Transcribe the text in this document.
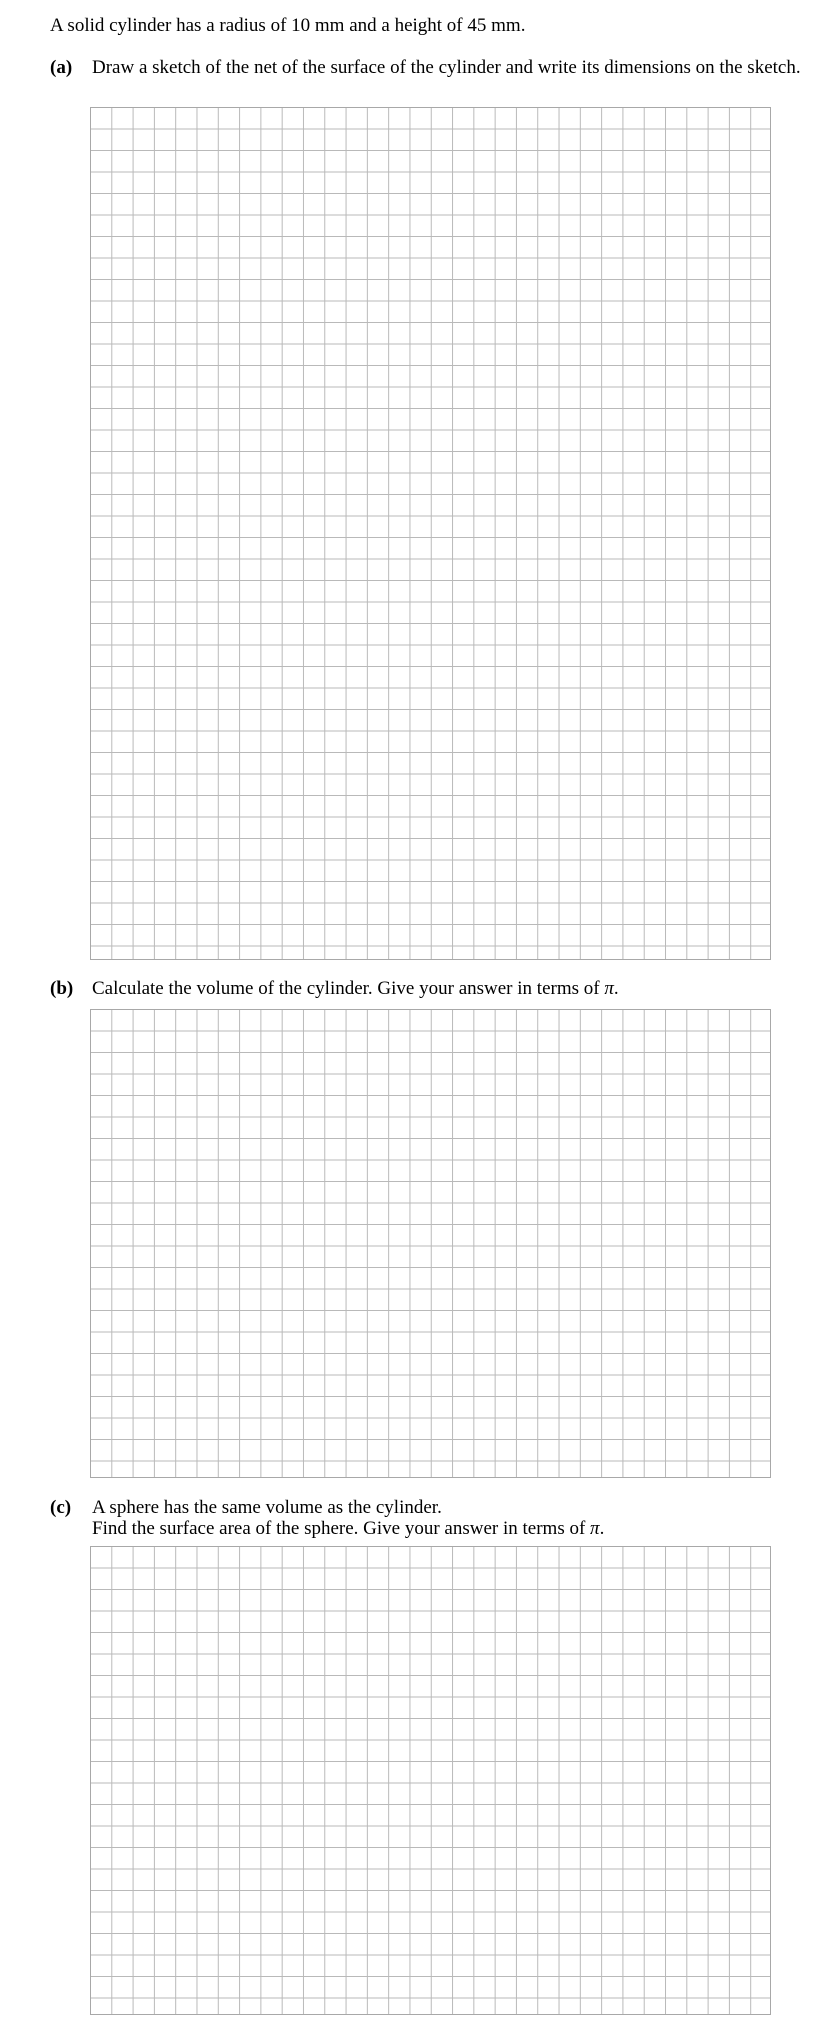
A solid cylinder has a radius of 10 mm and a height of 45 mm.
(a) Draw a sketch of the net of the surface of the cylinder and write its dimensions on the sketch.
(b) Calculate the volume of the cylinder. Give your answer in terms of π.
(c) A sphere has the same volume as the cylinder.
Find the surface area of the sphere. Give your answer in terms of π.
